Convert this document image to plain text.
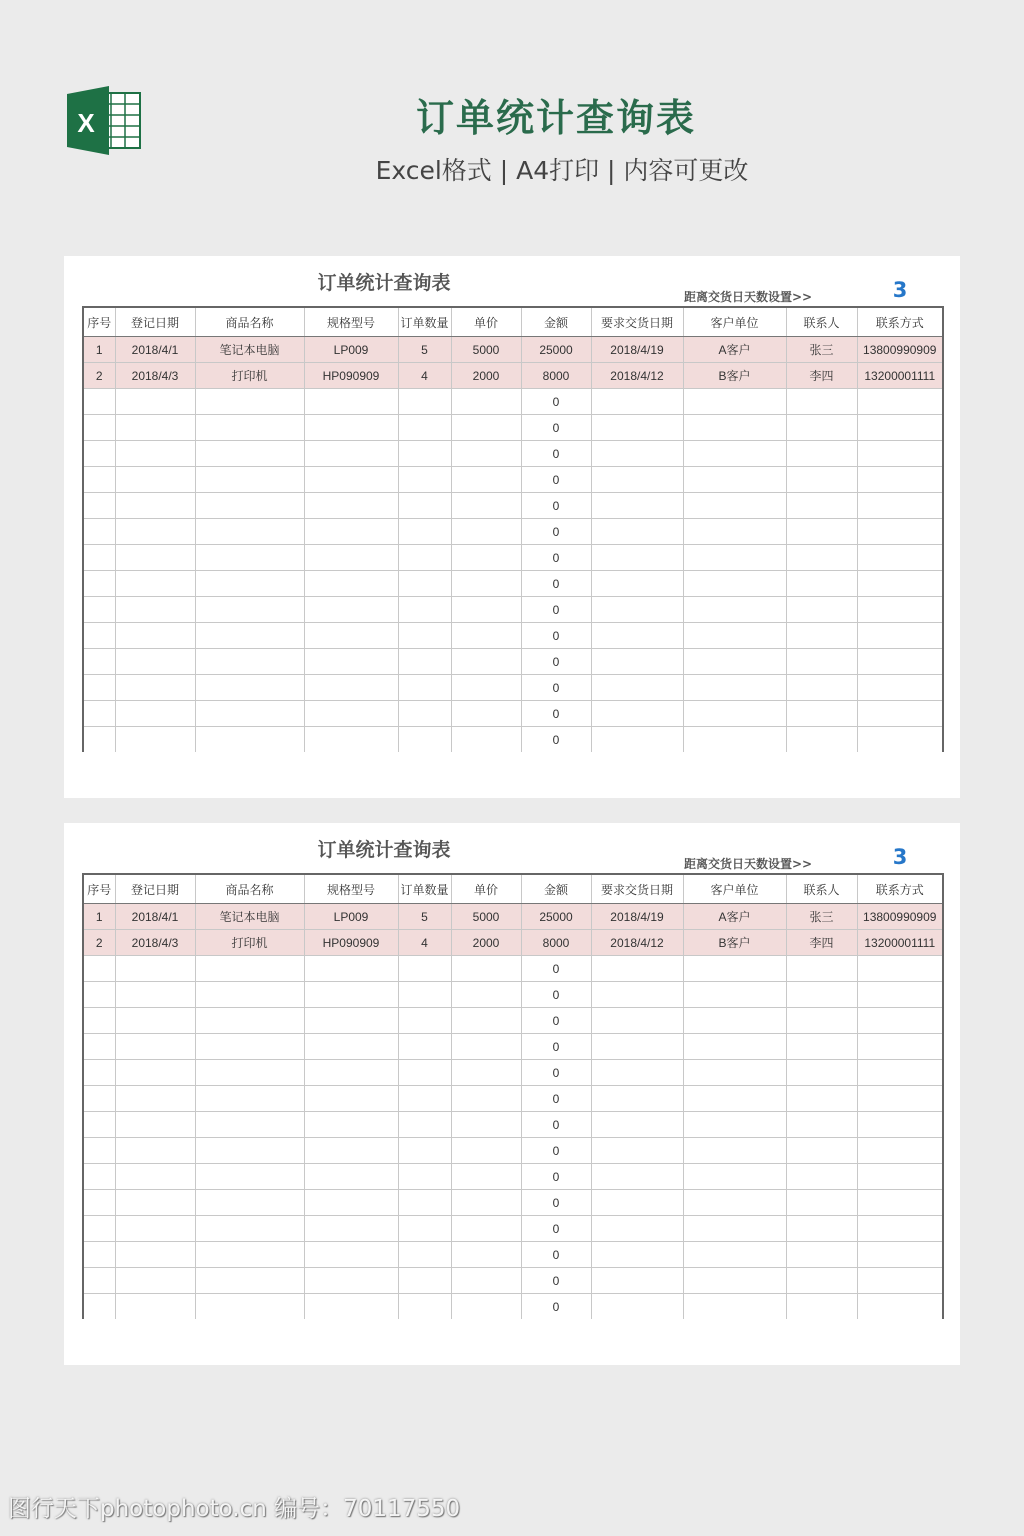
X	订单统计查询表

Excel格式 | A4打印 | 内容可更改

订单统计查询表
距离交货日天数设置>>	3
序号	登记日期	商品名称	规格型号	订单数量	单价	金额	要求交货日期	客户单位	联系人	联系方式
1	2018/4/1	笔记本电脑	LP009	5	5000	25000	2018/4/19	A客户	张三	13800990909
2	2018/4/3	打印机	HP090909	4	2000	8000	2018/4/12	B客户	李四	13200001111
						0				
						0				
						0				
						0				
						0				
						0				
						0				
						0				
						0				
						0				
						0				
						0				
						0				
						0				
订单统计查询表
距离交货日天数设置>>	3
序号	登记日期	商品名称	规格型号	订单数量	单价	金额	要求交货日期	客户单位	联系人	联系方式
1	2018/4/1	笔记本电脑	LP009	5	5000	25000	2018/4/19	A客户	张三	13800990909
2	2018/4/3	打印机	HP090909	4	2000	8000	2018/4/12	B客户	李四	13200001111
						0				
						0				
						0				
						0				
						0				
						0				
						0				
						0				
						0				
						0				
						0				
						0				
						0				
						0				
图行天下photophoto.cn 编号：70117550
